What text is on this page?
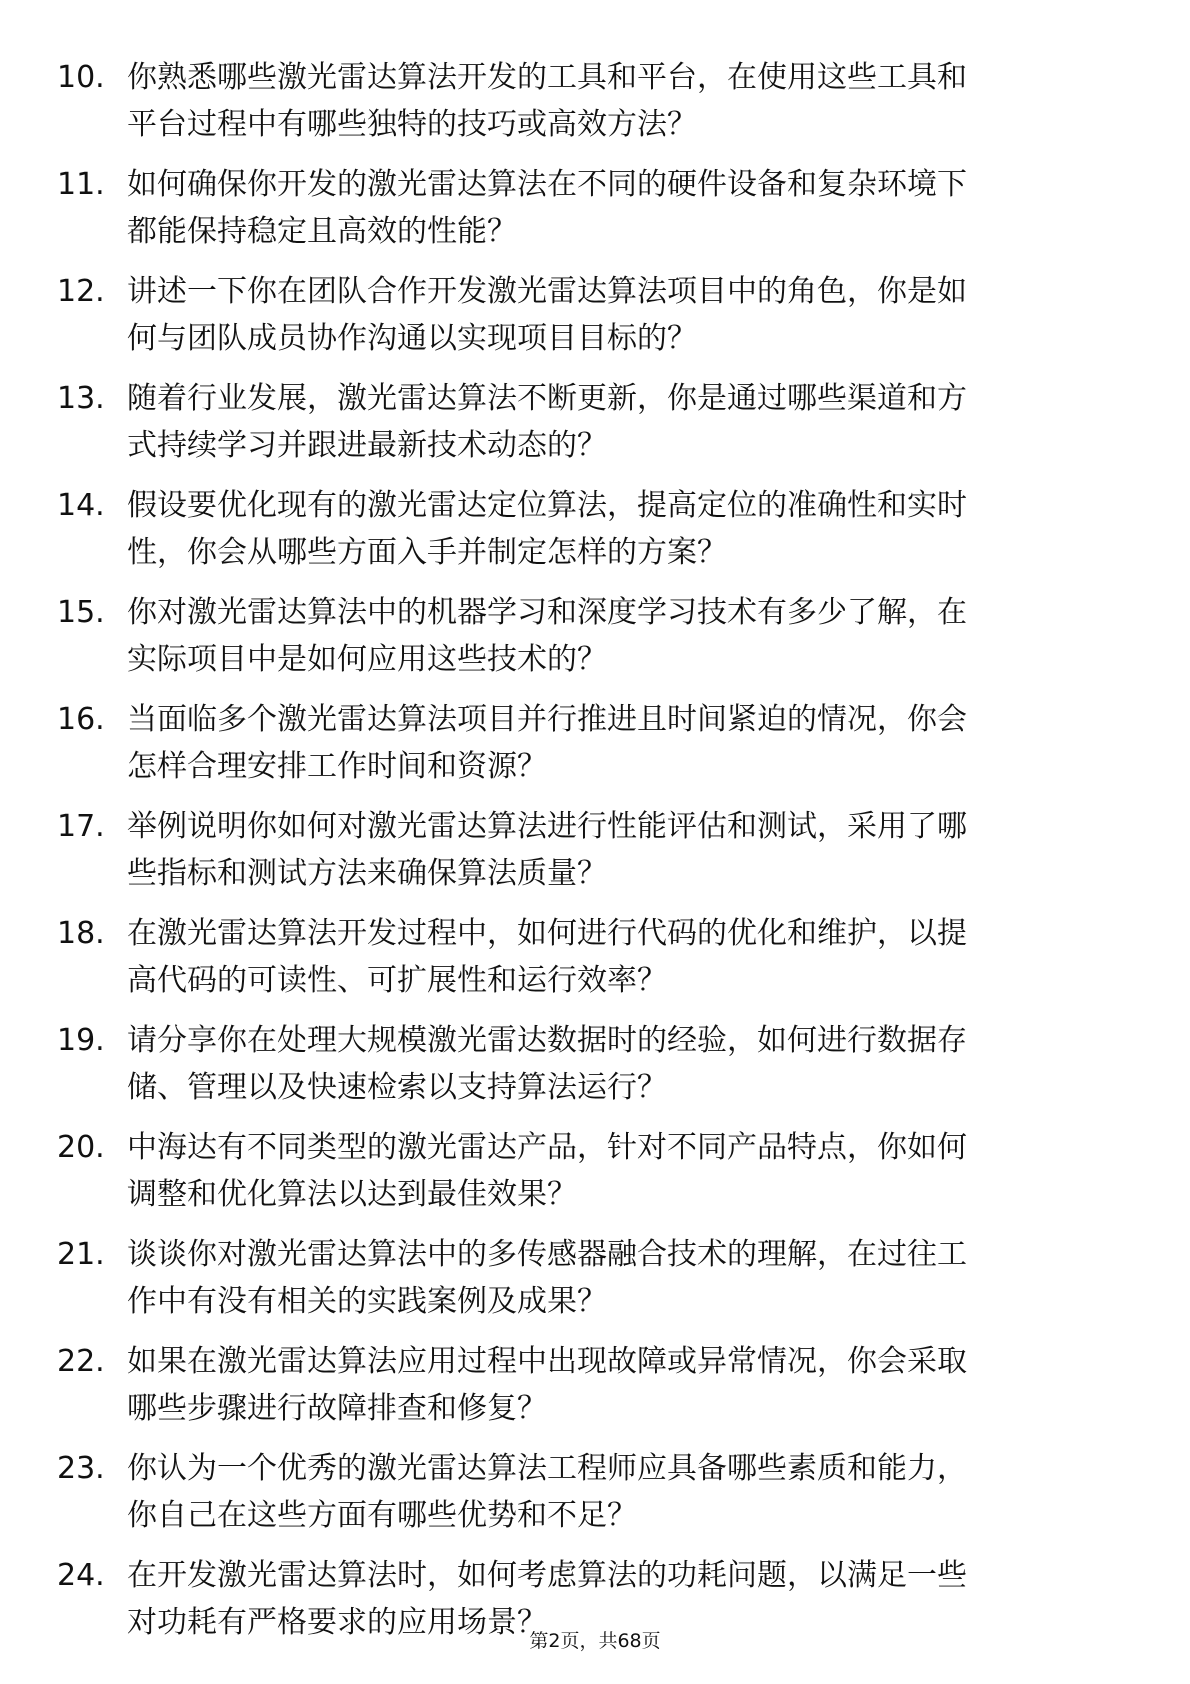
10. 你熟悉哪些激光雷达算法开发的工具和平台，在使用这些工具和
平台过程中有哪些独特的技巧或高效方法？
11. 如何确保你开发的激光雷达算法在不同的硬件设备和复杂环境下
都能保持稳定且高效的性能？
12. 讲述一下你在团队合作开发激光雷达算法项目中的角色，你是如
何与团队成员协作沟通以实现项目目标的？
13. 随着行业发展，激光雷达算法不断更新，你是通过哪些渠道和方
式持续学习并跟进最新技术动态的？
14. 假设要优化现有的激光雷达定位算法，提高定位的准确性和实时
性，你会从哪些方面入手并制定怎样的方案？
15. 你对激光雷达算法中的机器学习和深度学习技术有多少了解，在
实际项目中是如何应用这些技术的？
16. 当面临多个激光雷达算法项目并行推进且时间紧迫的情况，你会
怎样合理安排工作时间和资源？
17. 举例说明你如何对激光雷达算法进行性能评估和测试，采用了哪
些指标和测试方法来确保算法质量？
18. 在激光雷达算法开发过程中，如何进行代码的优化和维护，以提
高代码的可读性、可扩展性和运行效率？
19. 请分享你在处理大规模激光雷达数据时的经验，如何进行数据存
储、管理以及快速检索以支持算法运行？
20. 中海达有不同类型的激光雷达产品，针对不同产品特点，你如何
调整和优化算法以达到最佳效果？
21. 谈谈你对激光雷达算法中的多传感器融合技术的理解，在过往工
作中有没有相关的实践案例及成果？
22. 如果在激光雷达算法应用过程中出现故障或异常情况，你会采取
哪些步骤进行故障排查和修复？
23. 你认为一个优秀的激光雷达算法工程师应具备哪些素质和能力，
你自己在这些方面有哪些优势和不足？
24. 在开发激光雷达算法时，如何考虑算法的功耗问题，以满足一些
对功耗有严格要求的应用场景？
第2页，共68页
